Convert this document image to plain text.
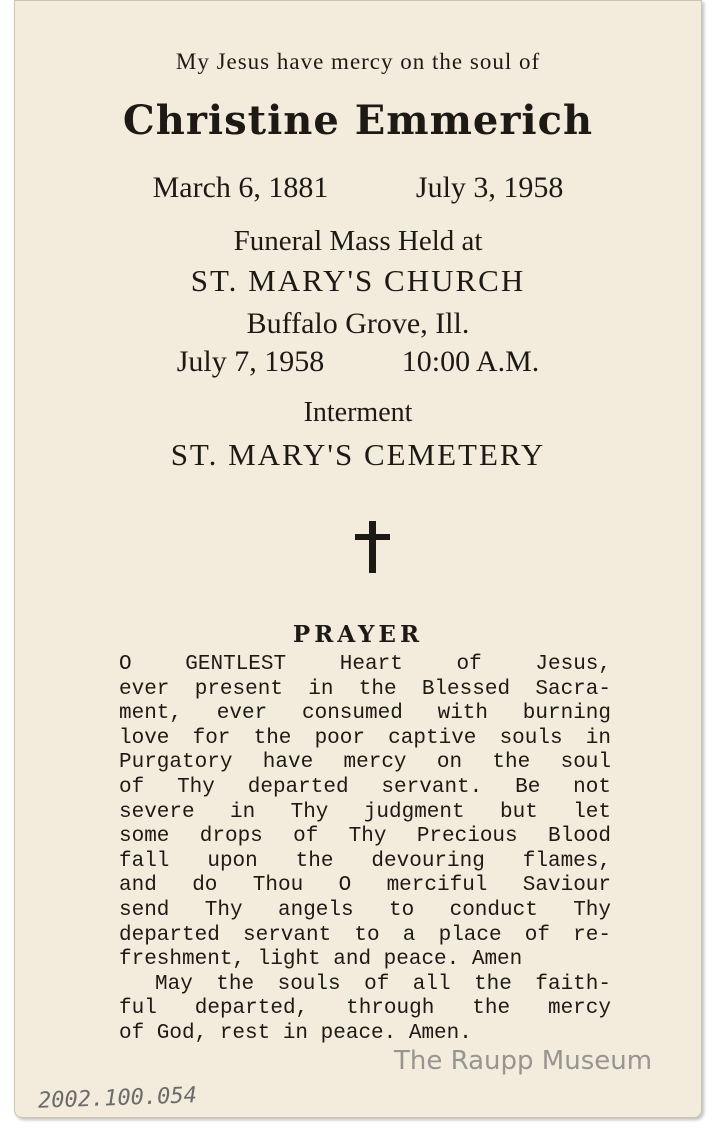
My Jesus have mercy on the soul of
Christine Emmerich
March 6, 1881	July 3, 1958
Funeral Mass Held at
ST. MARY'S CHURCH
Buffalo Grove, Ill.
July 7, 1958	10:00 A.M.
Interment
ST. MARY'S CEMETERY
PRAYER
O GENTLEST Heart of Jesus,
ever present in the Blessed Sacra-
ment, ever consumed with burning
love for the poor captive souls in
Purgatory have mercy on the soul
of Thy departed servant. Be not
severe in Thy judgment but let
some drops of Thy Precious Blood
fall upon the devouring flames,
and do Thou O merciful Saviour
send Thy angels to conduct Thy
departed servant to a place of re-
freshment, light and peace. Amen
May the souls of all the faith-
ful departed, through the mercy
of God, rest in peace. Amen.
The Raupp Museum
2002.100.054
